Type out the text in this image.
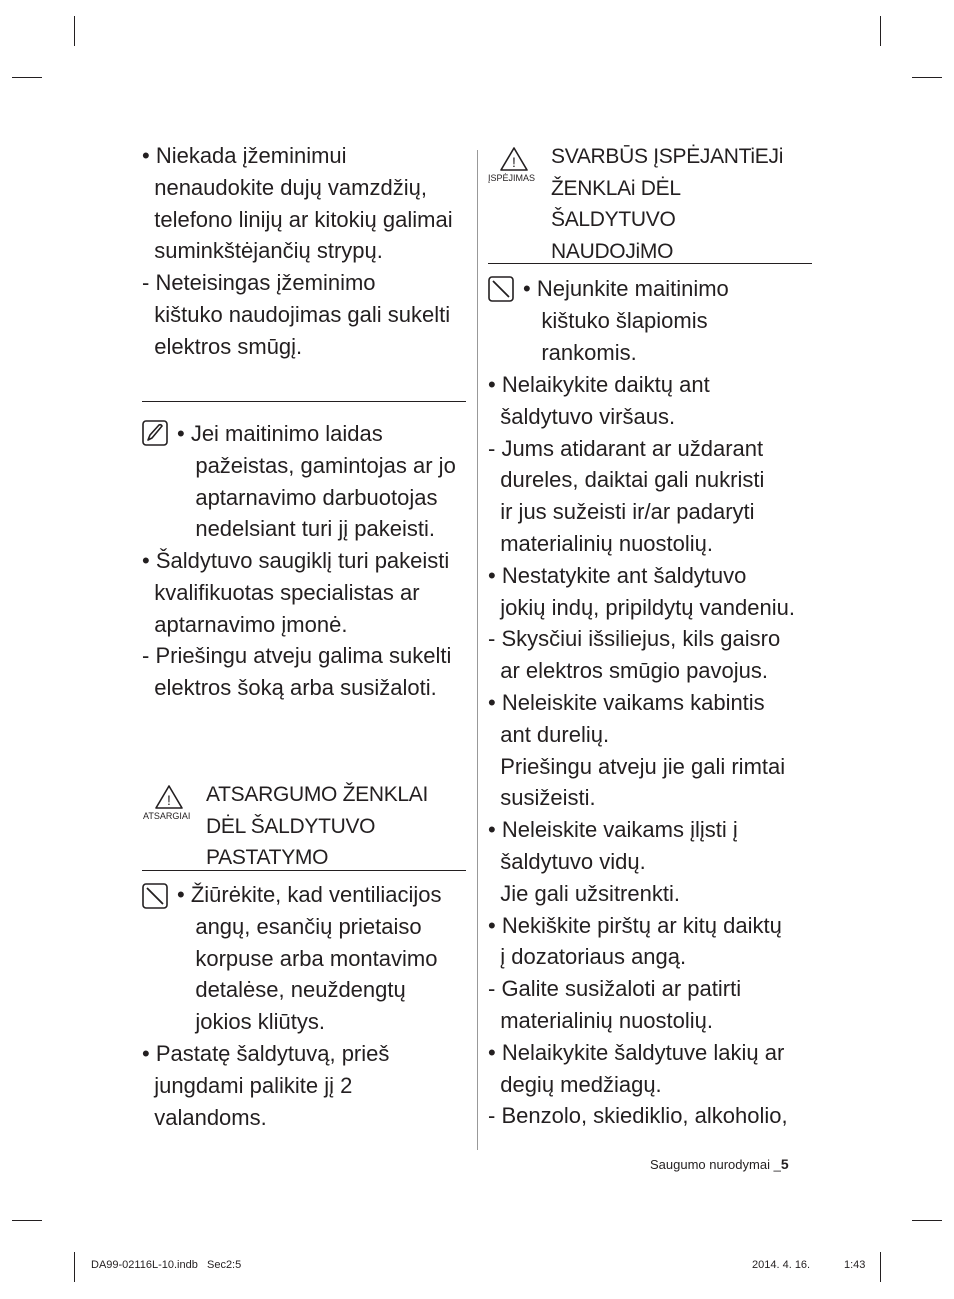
• Niekada įžeminimui
nenaudokite dujų vamzdžių,
telefono linijų ar kitokių galimai
suminkštėjančių strypų.
- Neteisingas įžeminimo
kištuko naudojimas gali sukelti
elektros smūgį.
• Jei maitinimo laidas
pažeistas, gamintojas ar jo
aptarnavimo darbuotojas
nedelsiant turi jį pakeisti.
• Šaldytuvo saugiklį turi pakeisti
kvalifikuotas specialistas ar
aptarnavimo įmonė.
- Priešingu atveju galima sukelti
elektros šoką arba susižaloti.
!
ATSARGIAI
ATSARGUMO ŽENKLAI
DĖL ŠALDYTUVO
PASTATYMO
• Žiūrėkite, kad ventiliacijos
angų, esančių prietaiso
korpuse arba montavimo
detalėse, neuždengtų
jokios kliūtys.
• Pastatę šaldytuvą, prieš
jungdami palikite jį 2
valandoms.
!
ĮSPĖJIMAS
SVARBŪS ĮSPĖJANTiEJi
ŽENKLAi DĖL
ŠALDYTUVO
NAUDOJiMO
• Nejunkite maitinimo
kištuko šlapiomis
rankomis.
• Nelaikykite daiktų ant
šaldytuvo viršaus.
- Jums atidarant ar uždarant
dureles, daiktai gali nukristi
ir jus sužeisti ir/ar padaryti
materialinių nuostolių.
• Nestatykite ant šaldytuvo
jokių indų, pripildytų vandeniu.
- Skysčiui išsiliejus, kils gaisro
ar elektros smūgio pavojus.
• Neleiskite vaikams kabintis
ant durelių.
Priešingu atveju jie gali rimtai
susižeisti.
• Neleiskite vaikams įlįsti į
šaldytuvo vidų.
Jie gali užsitrenkti.
• Nekiškite pirštų ar kitų daiktų
į dozatoriaus angą.
- Galite susižaloti ar patirti
materialinių nuostolių.
• Nelaikykite šaldytuve lakių ar
degių medžiagų.
- Benzolo, skiediklio, alkoholio,
Saugumo nurodymai _5
DA99-02116L-10.indb   Sec2:5	2014. 4. 16.	1:43
